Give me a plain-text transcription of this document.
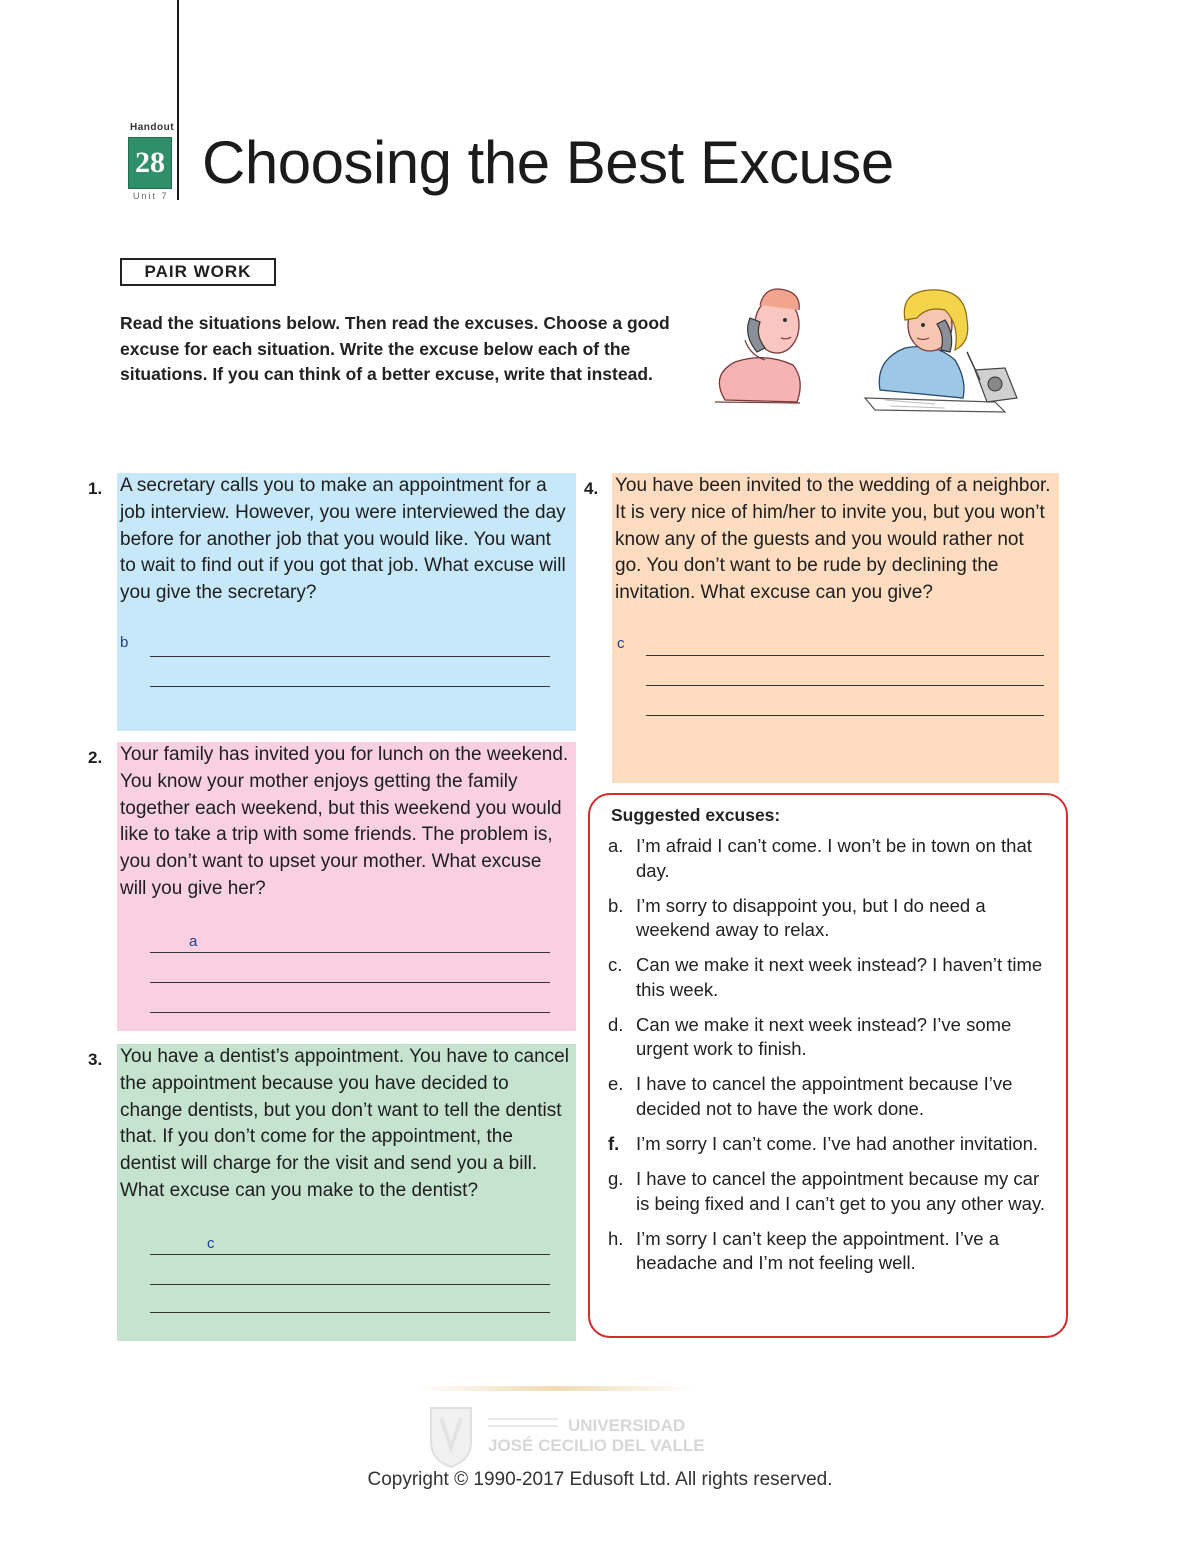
Handout
28
Unit 7 Choosing the Best Excuse
PAIR WORK
Read the situations below. Then read the excuses. Choose a good excuse for each situation. Write the excuse below each of the situations. If you can think of a better excuse, write that instead.
1.
2.
3.
4.

A secretary calls you to make an appointment for a job interview. However, you were interviewed the day before for another job that you would like. You want to wait to find out if you got that job. What excuse will you give the secretary?

b

Your family has invited you for lunch on the weekend. You know your mother enjoys getting the family together each weekend, but this weekend you would like to take a trip with some friends. The problem is, you don’t want to upset your mother. What excuse will you give her?

a

You have a dentist’s appointment. You have to cancel the appointment because you have decided to change dentists, but you don’t want to tell the dentist that. If you don’t come for the appointment, the dentist will charge for the visit and send you a bill. What excuse can you make to the dentist?

c

You have been invited to the wedding of a neighbor. It is very nice of him/her to invite you, but you won’t know any of the guests and you would rather not go. You don’t want to be rude by declining the invitation. What excuse can you give?

c
Suggested excuses:
a. I’m afraid I can’t come. I won’t be in town on that day.
b. I’m sorry to disappoint you, but I do need a weekend away to relax.
c. Can we make it next week instead? I haven’t time this week.
d. Can we make it next week instead? I’ve some urgent work to finish.
e. I have to cancel the appointment because I’ve decided not to have the work done.
f. I’m sorry I can’t come. I’ve had another invitation.
g. I have to cancel the appointment because my car is being fixed and I can’t get to you any other way.
h. I’m sorry I can’t keep the appointment. I’ve a headache and I’m not feeling well.
UNIVERSIDAD
JOSÉ CECILIO DEL VALLE
Copyright © 1990-2017 Edusoft Ltd. All rights reserved.
